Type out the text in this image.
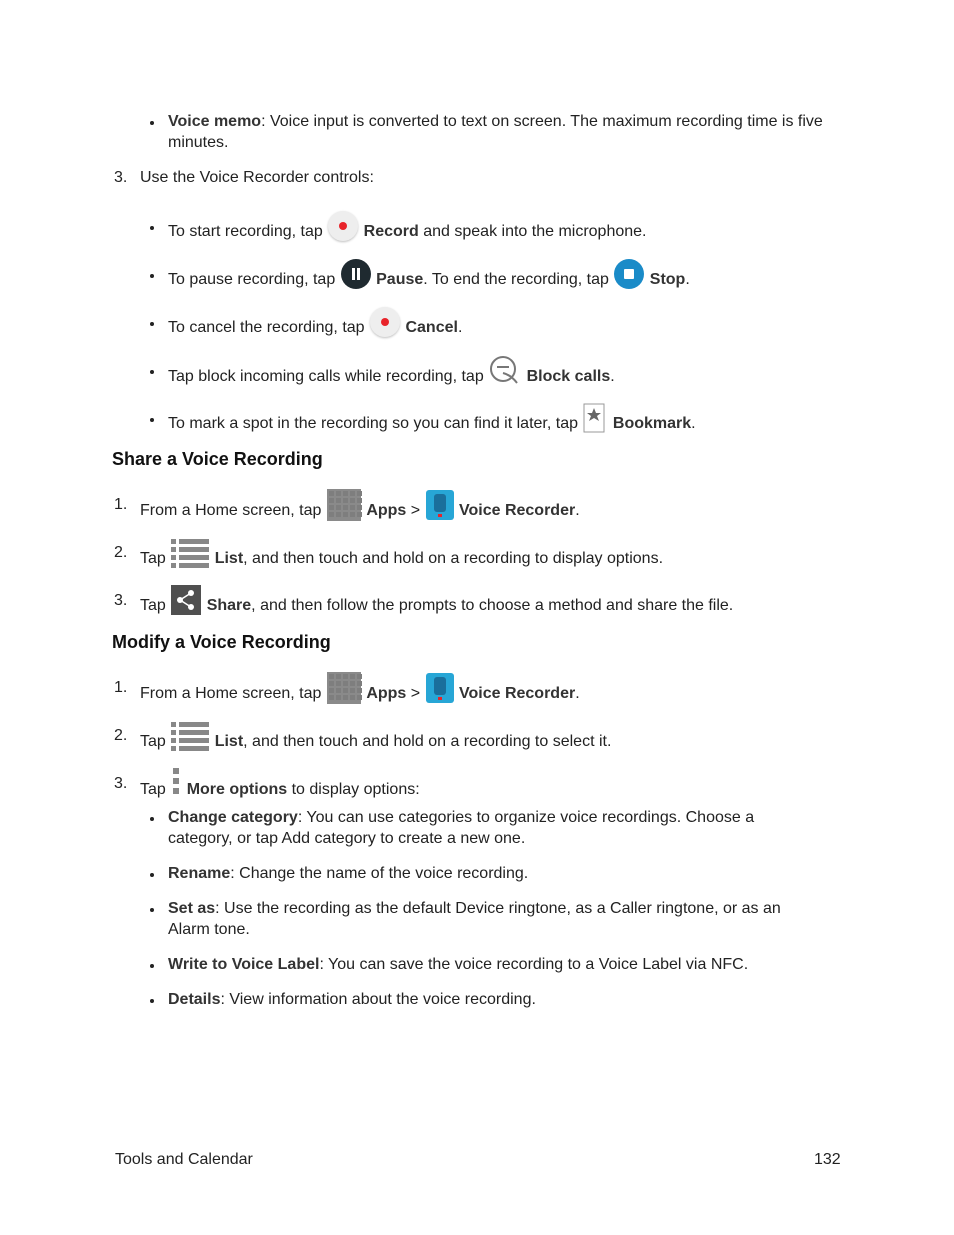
Voice memo: Voice input is converted to text on screen. The maximum recording time is five
minutes.
3. Use the Voice Recorder controls:
To start recording, tap	Record and speak into the microphone.
To pause recording, tap	Pause. To end the recording, tap	Stop.
To cancel the recording, tap	Cancel.
Tap block incoming calls while recording, tap	Block calls.
To mark a spot in the recording so you can find it later, tap Bookmark.
Share a Voice Recording
1. From a Home screen, tap	Apps >  Voice Recorder.
2. Tap	List, and then touch and hold on a recording to display options.
3. Tap	Share, and then follow the prompts to choose a method and share the file.
Modify a Voice Recording
1. From a Home screen, tap	Apps >  Voice Recorder.
2. Tap	List, and then touch and hold on a recording to select it.
3. Tap More options to display options:
Change category: You can use categories to organize voice recordings. Choose a
category, or tap Add category to create a new one.
Rename: Change the name of the voice recording.
Set as: Use the recording as the default Device ringtone, as a Caller ringtone, or as an
Alarm tone.
Write to Voice Label: You can save the voice recording to a Voice Label via NFC.
Details: View information about the voice recording.
Tools and Calendar	132
